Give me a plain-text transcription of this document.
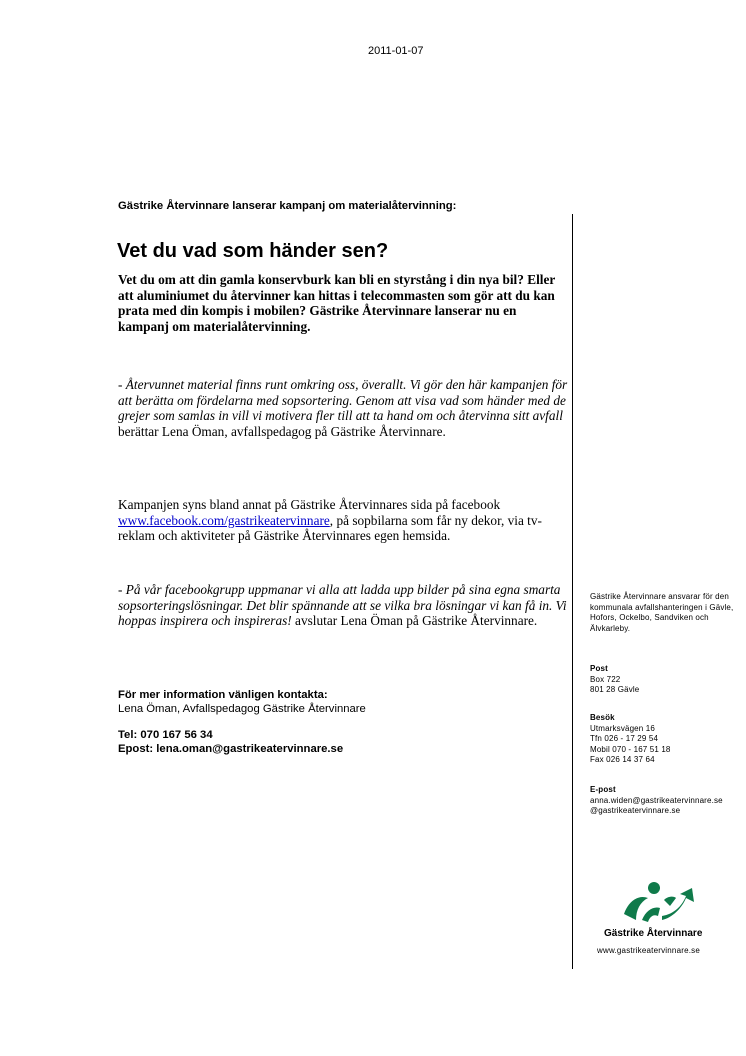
2011-01-07
Gästrike Återvinnare lanserar kampanj om materialåtervinning:
Vet du vad som händer sen?

Vet du om att din gamla konservburk kan bli en styrstång i din nya bil? Eller att aluminiumet du återvinner kan hittas i telecommasten som gör att du kan prata med din kompis i mobilen? Gästrike Återvinnare lanserar nu en kampanj om materialåtervinning.

- Återvunnet material finns runt omkring oss, överallt. Vi gör den här kampanjen för att berätta om fördelarna med sopsortering. Genom att visa vad som händer med de grejer som samlas in vill vi motivera fler till att ta hand om och återvinna sitt avfall berättar Lena Öman, avfallspedagog på Gästrike Återvinnare.

Kampanjen syns bland annat på Gästrike Återvinnares sida på facebook www.facebook.com/gastrikeatervinnare, på sopbilarna som får ny dekor, via tv-reklam och aktiviteter på Gästrike Återvinnares egen hemsida.

- På vår facebookgrupp uppmanar vi alla att ladda upp bilder på sina egna smarta sopsorteringslösningar. Det blir spännande att se vilka bra lösningar vi kan få in. Vi hoppas inspirera och inspireras! avslutar Lena Öman på Gästrike Återvinnare.

För mer information vänligen kontakta:
Lena Öman, Avfallspedagog Gästrike Återvinnare
Tel: 070 167 56 34
Epost: lena.oman@gastrikeatervinnare.se
Gästrike Återvinnare ansvarar för den kommunala avfallshanteringen i Gävle, Hofors, Ockelbo, Sandviken och Älvkarleby.
Post
Box 722
801 28 Gävle
Besök
Utmarksvägen 16
Tfn 026 - 17 29 54
Mobil 070 - 167 51 18
Fax 026 14 37 64
E-post
anna.widen@gastrikeatervinnare.se
@gastrikeatervinnare.se
Gästrike Återvinnare
www.gastrikeatervinnare.se
